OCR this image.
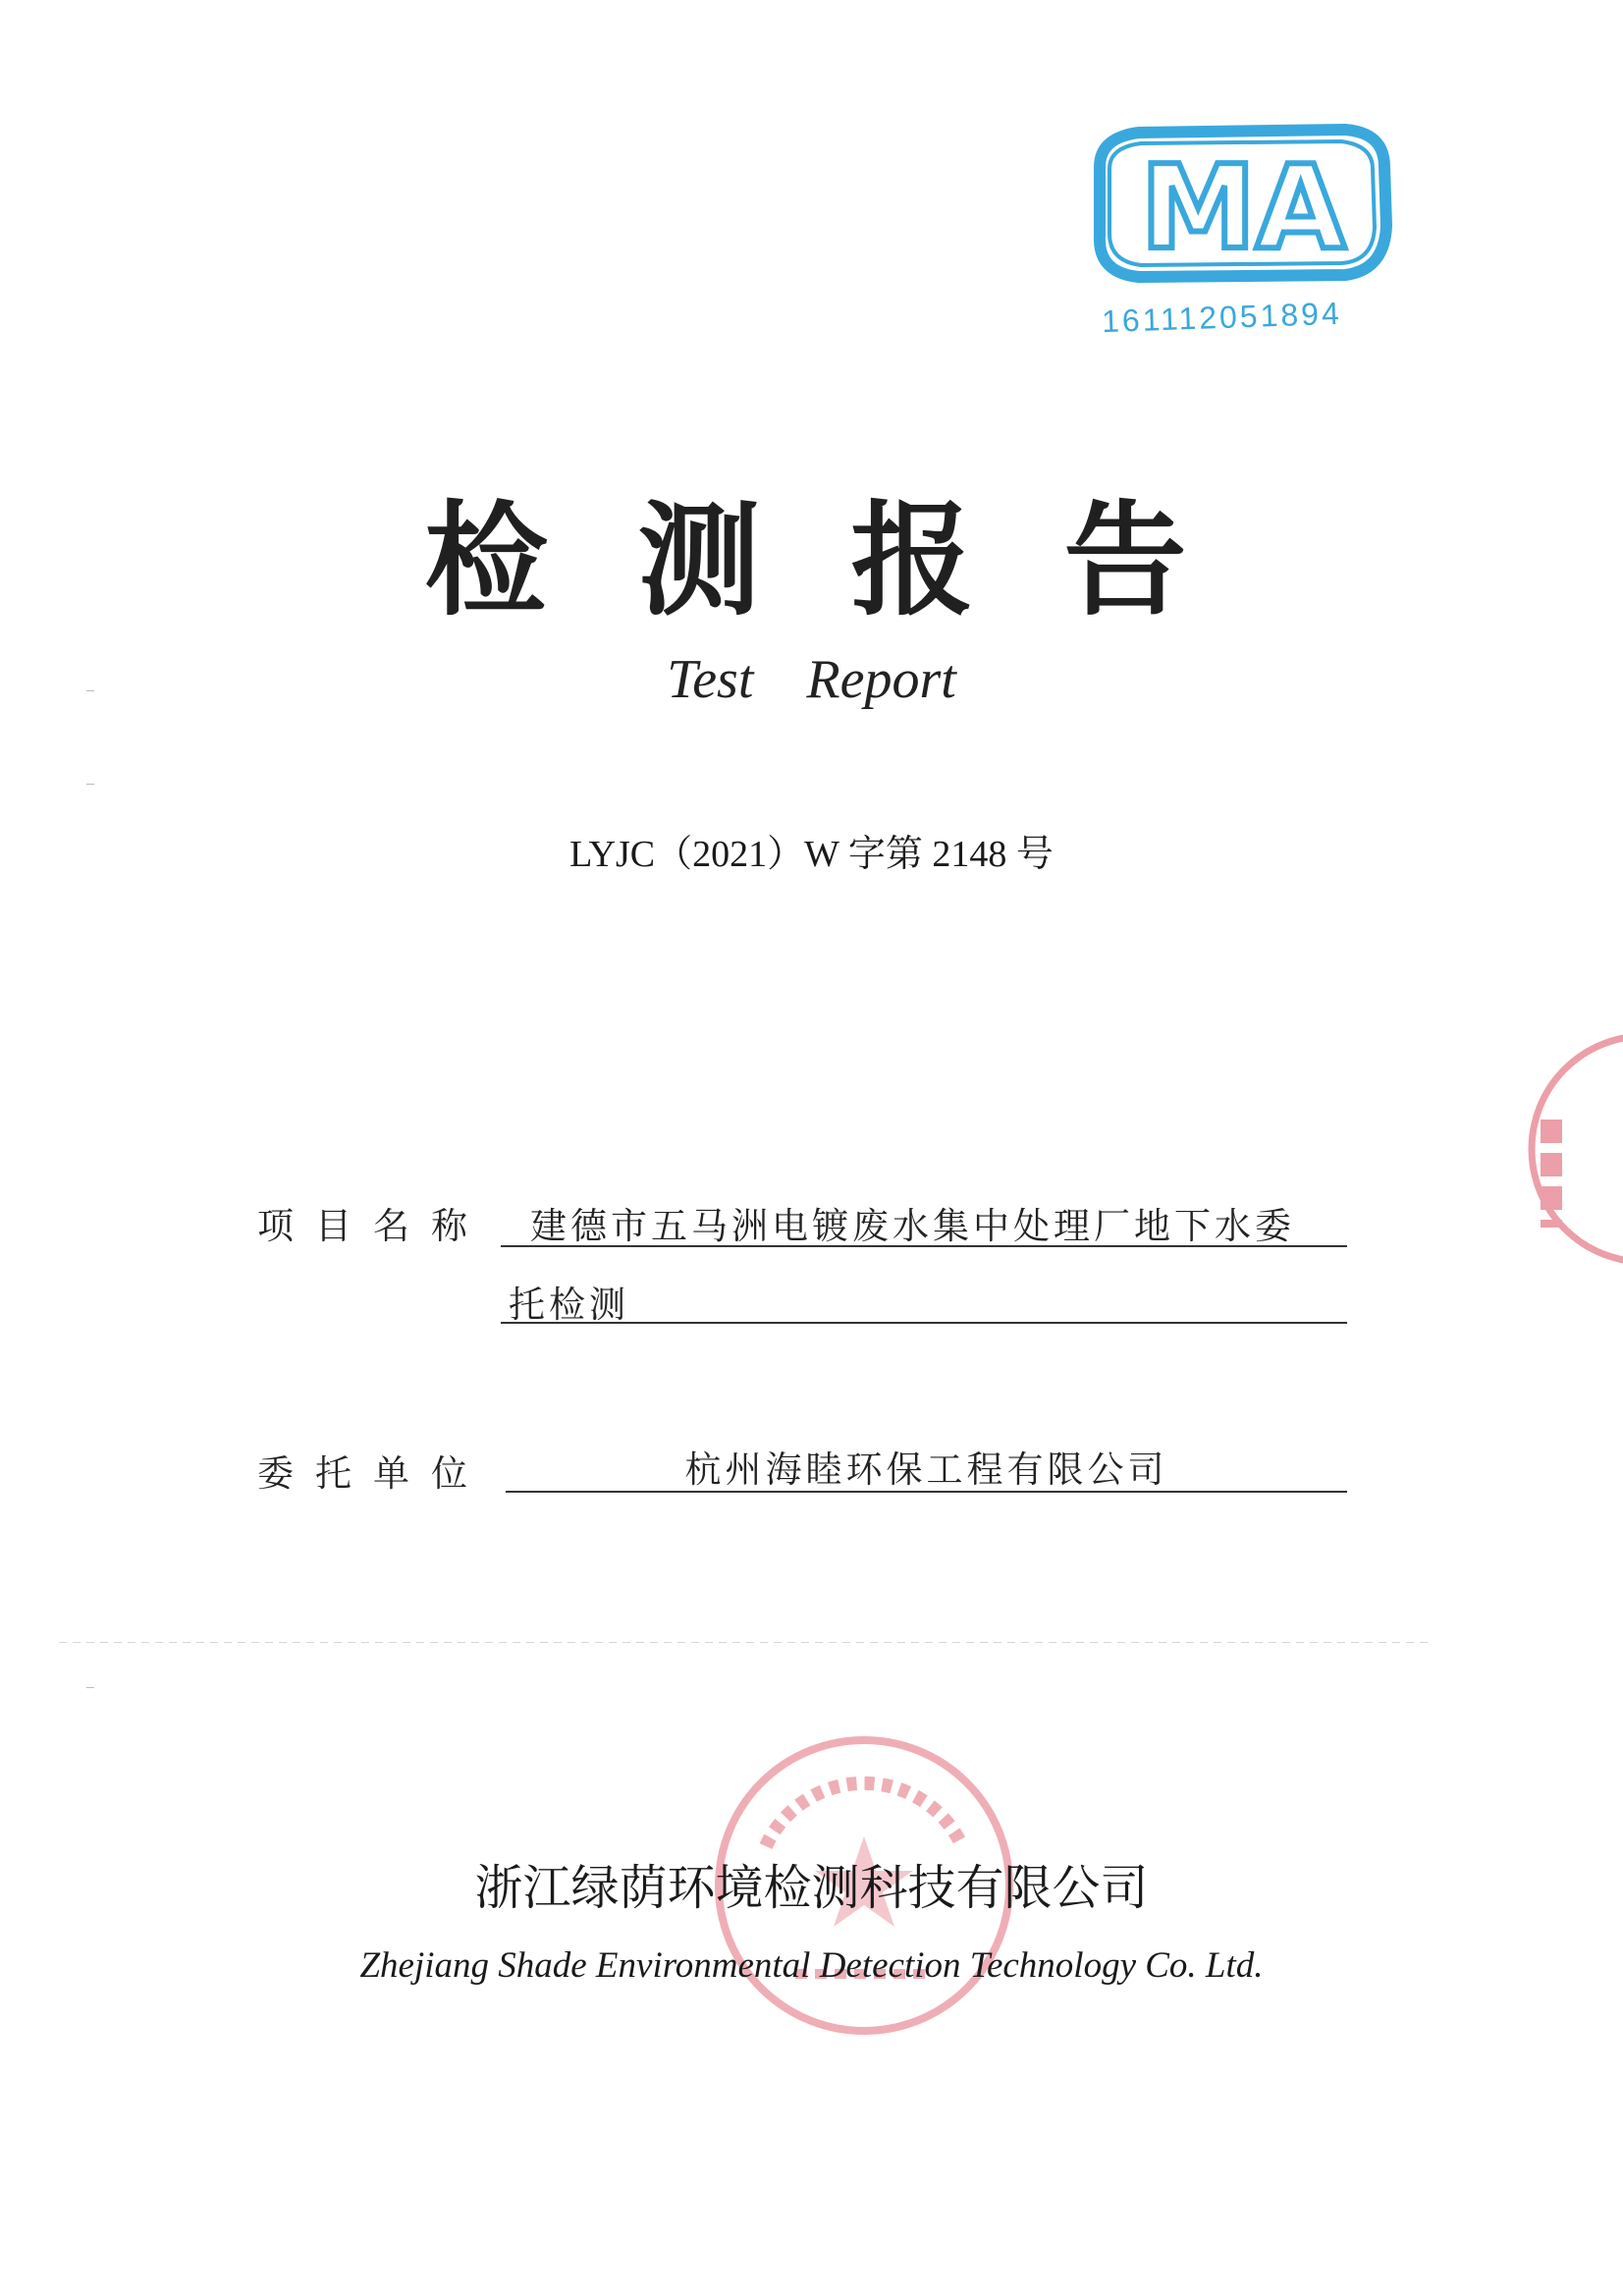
MA
161112051894
检测报告
Test Report
LYJC（2021）W 字第 2148 号
项目名称	建德市五马洲电镀废水集中处理厂地下水委
托检测
委托单位	杭州海睦环保工程有限公司
浙江绿荫环境检测科技有限公司
Zhejiang Shade Environmental Detection Technology Co. Ltd.
